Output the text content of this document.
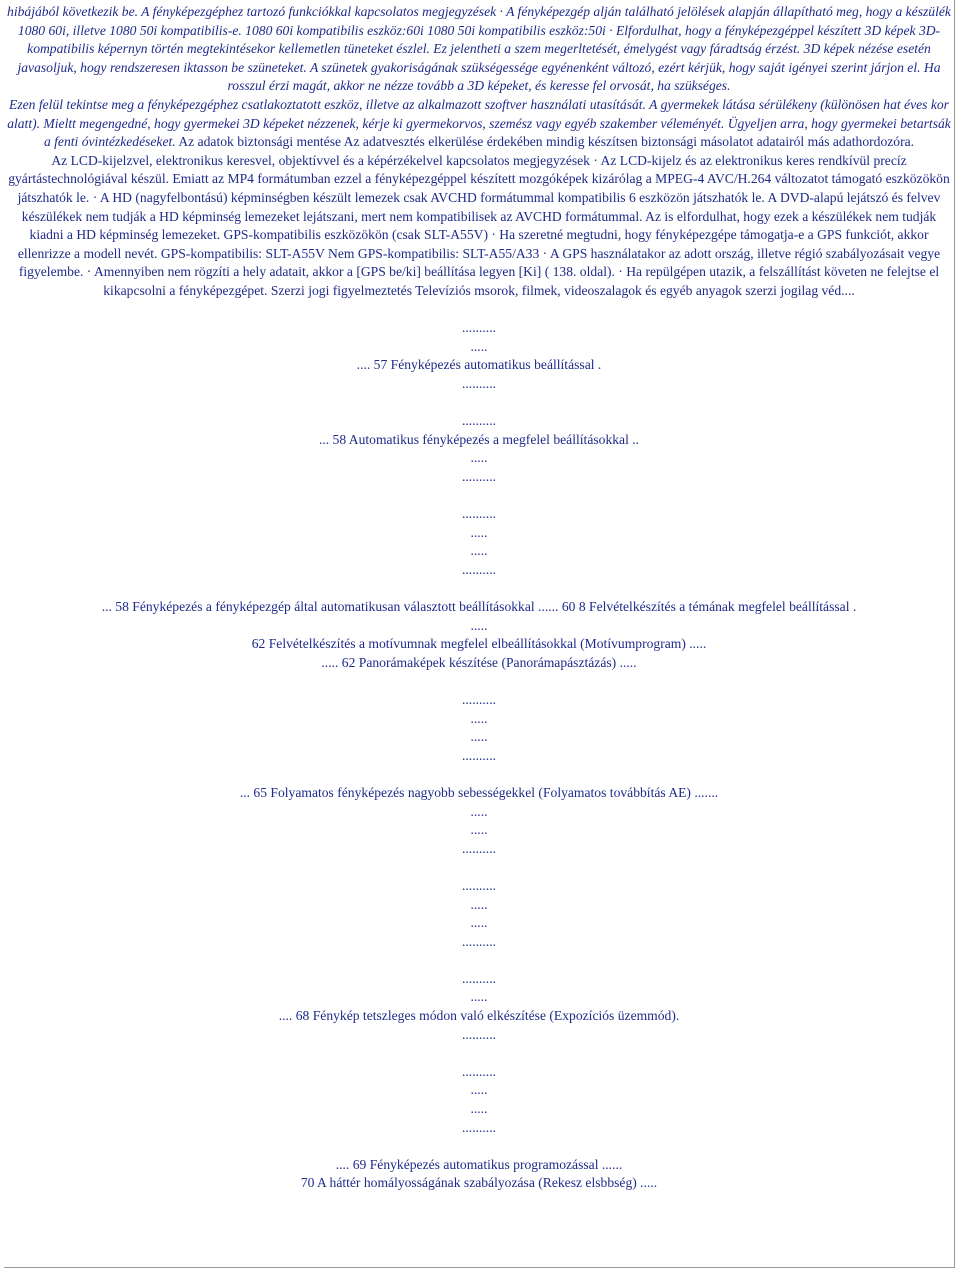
hibájából következik be. A fényképezgéphez tartozó funkciókkal kapcsolatos megjegyzések · A fényképezgép alján található jelölések alapján állapítható meg, hogy a készülék 1080 60i, illetve 1080 50i kompatibilis-e. 1080 60i kompatibilis eszköz:60i 1080 50i kompatibilis eszköz:50i · Elfordulhat, hogy a fényképezgéppel készített 3D képek 3D-kompatibilis képernyn történ megtekintésekor kellemetlen tüneteket észlel. Ez jelentheti a szem megerltetését, émelygést vagy fáradtság érzést. 3D képek nézése esetén javasoljuk, hogy rendszeresen iktasson be szüneteket. A szünetek gyakoriságának szükségessége egyénenként változó, ezért kérjük, hogy saját igényei szerint járjon el. Ha rosszul érzi magát, akkor ne nézze tovább a 3D képeket, és keresse fel orvosát, ha szükséges.

Ezen felül tekintse meg a fényképezgéphez csatlakoztatott eszköz, illetve az alkalmazott szoftver használati utasítását. A gyermekek látása sérülékeny (különösen hat éves kor alatt). Mieltt megengedné, hogy gyermekei 3D képeket nézzenek, kérje ki gyermekorvos, szemész vagy egyéb szakember véleményét. Ügyeljen arra, hogy gyermekei betartsák a fenti óvintézkedéseket. Az adatok biztonsági mentése Az adatvesztés elkerülése érdekében mindig készítsen biztonsági másolatot adatairól más adathordozóra.

Az LCD-kijelzvel, elektronikus keresvel, objektívvel és a képérzékelvel kapcsolatos megjegyzések · Az LCD-kijelz és az elektronikus keres rendkívül precíz gyártástechnológiával készül. Emiatt az MP4 formátumban ezzel a fényképezgéppel készített mozgóképek kizárólag a MPEG-4 AVC/H.264 változatot támogató eszközökön játszhatók le. · A HD (nagyfelbontású) képminségben készült lemezek csak AVCHD formátummal kompatibilis 6 eszközön játszhatók le. A DVD-alapú lejátszó és felvev készülékek nem tudják a HD képminség lemezeket lejátszani, mert nem kompatibilisek az AVCHD formátummal. Az is elfordulhat, hogy ezek a készülékek nem tudják kiadni a HD képminség lemezeket. GPS-kompatibilis eszközökön (csak SLT-A55V) · Ha szeretné megtudni, hogy fényképezgépe támogatja-e a GPS funkciót, akkor ellenrizze a modell nevét. GPS-kompatibilis: SLT-A55V Nem GPS-kompatibilis: SLT-A55/A33 · A GPS használatakor az adott ország, illetve régió szabályozásait vegye figyelembe. · Amennyiben nem rögzíti a hely adatait, akkor a [GPS be/ki] beállítása legyen [Ki] ( 138. oldal). · Ha repülgépen utazik, a felszállítást követen ne felejtse el kikapcsolni a fényképezgépet. Szerzi jogi figyelmeztetés Televíziós msorok, filmek, videoszalagok és egyéb anyagok szerzi jogilag véd....

..........

.....

.... 57 Fényképezés automatikus beállítással .

..........

..........

... 58 Automatikus fényképezés a megfelel beállításokkal ..

.....

..........

..........

.....

.....

..........

... 58 Fényképezés a fényképezgép által automatikusan választott beállításokkal ...... 60 8 Felvételkészítés a témának megfelel beállítással .

.....

62 Felvételkészítés a motívumnak megfelel elbeállításokkal (Motívumprogram) .....

..... 62 Panorámaképek készítése (Panorámapásztázás) .....

..........

.....

.....

..........

... 65 Folyamatos fényképezés nagyobb sebességekkel (Folyamatos továbbítás AE) .......

.....

.....

..........

..........

.....

.....

..........

..........

.....

.... 68 Fénykép tetszleges módon való elkészítése (Expozíciós üzemmód).

..........

..........

.....

.....

..........

.... 69 Fényképezés automatikus programozással ......

70 A háttér homályosságának szabályozása (Rekesz elsbbség) .....
